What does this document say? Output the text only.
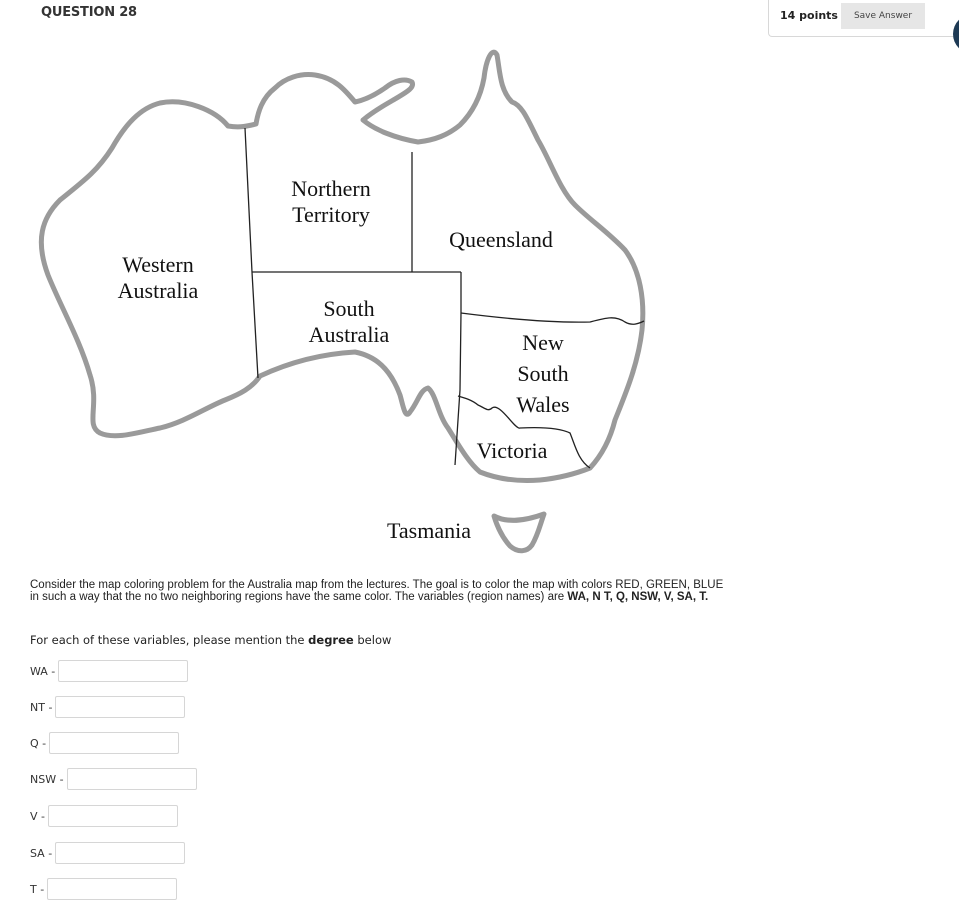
QUESTION 28	14 points	Save Answer
Western
Australia
Northern
Territory
Queensland
South
Australia	New
South
Wales
Victoria
Tasmania
Consider the map coloring problem for the Australia map from the lectures. The goal is to color the map with colors RED, GREEN, BLUE in such a way that the no two neighboring regions have the same color. The variables (region names) are WA, N T, Q, NSW, V, SA, T.
For each of these variables, please mention the degree below
WA -
NT -
Q -
NSW -
V -
SA -
T -
